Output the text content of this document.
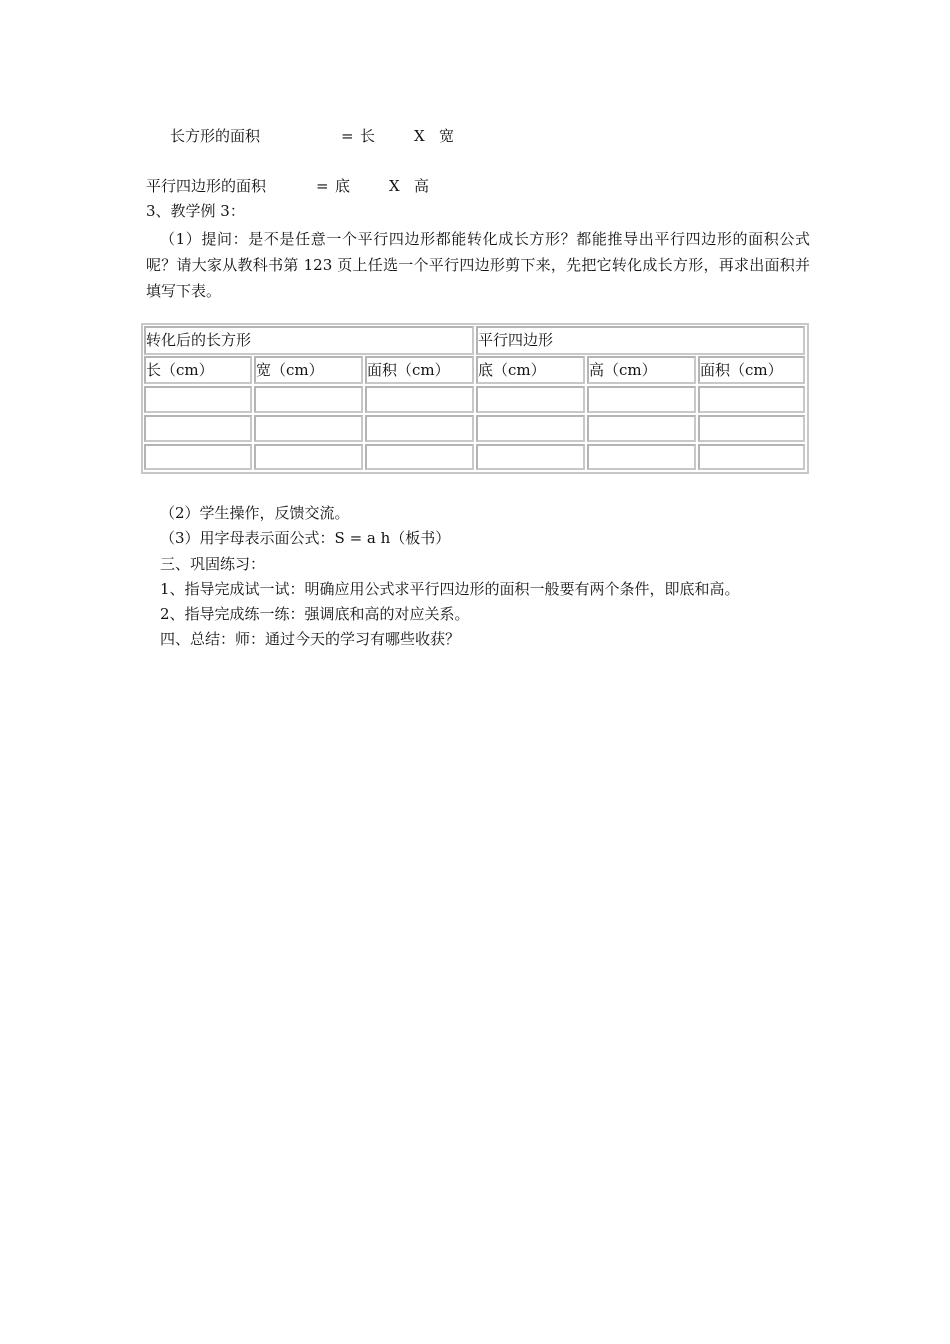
长方形的面积	= 长	X 宽
平行四边形的面积	= 底	X 高
3、教学例 3：
（1）提问：是不是任意一个平行四边形都能转化成长方形？都能推导出平行四边形的面积公式呢？请大家从教科书第 123 页上任选一个平行四边形剪下来，先把它转化成长方形，再求出面积并填写下表。
转化后的长方形	平行四边形
长（cm）	宽（cm）	面积（cm）	底（cm）	高（cm）	面积（cm）
（2）学生操作，反馈交流。
（3）用字母表示面公式：S = a h（板书）
三、巩固练习：
1、指导完成试一试：明确应用公式求平行四边形的面积一般要有两个条件，即底和高。
2、指导完成练一练：强调底和高的对应关系。
四、总结：师：通过今天的学习有哪些收获？
